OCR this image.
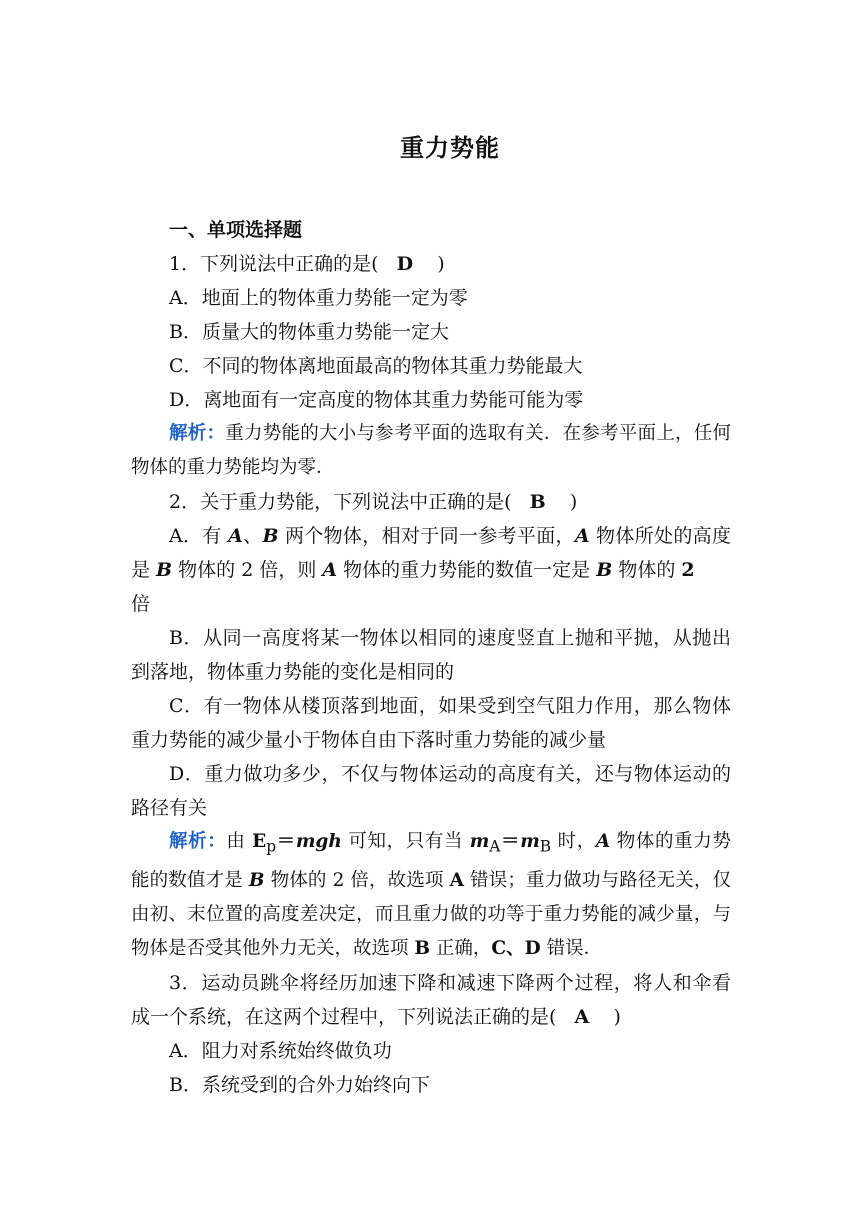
重力势能

一、单项选择题

1．下列说法中正确的是( D )

A．地面上的物体重力势能一定为零

B．质量大的物体重力势能一定大

C．不同的物体离地面最高的物体其重力势能最大

D．离地面有一定高度的物体其重力势能可能为零

解析：重力势能的大小与参考平面的选取有关．在参考平面上，任何物体的重力势能均为零．

2．关于重力势能，下列说法中正确的是( B )

A．有 A、B 两个物体，相对于同一参考平面，A 物体所处的高度是 B 物体的 2 倍，则 A 物体的重力势能的数值一定是 B 物体的 2
倍

B．从同一高度将某一物体以相同的速度竖直上抛和平抛，从抛出到落地，物体重力势能的变化是相同的

C．有一物体从楼顶落到地面，如果受到空气阻力作用，那么物体重力势能的减少量小于物体自由下落时重力势能的减少量

D．重力做功多少，不仅与物体运动的高度有关，还与物体运动的路径有关

解析：由 $E_p=mgh$ 可知，只有当 $m_A=m_B$ 时，A 物体的重力势能的数值才是 B 物体的 2 倍，故选项 A 错误；重力做功与路径无关，仅由初、末位置的高度差决定，而且重力做的功等于重力势能的减少量，与物体是否受其他外力无关，故选项 B 正确，C、D 错误．

3．运动员跳伞将经历加速下降和减速下降两个过程，将人和伞看成一个系统，在这两个过程中，下列说法正确的是( A )

A．阻力对系统始终做负功

B．系统受到的合外力始终向下
